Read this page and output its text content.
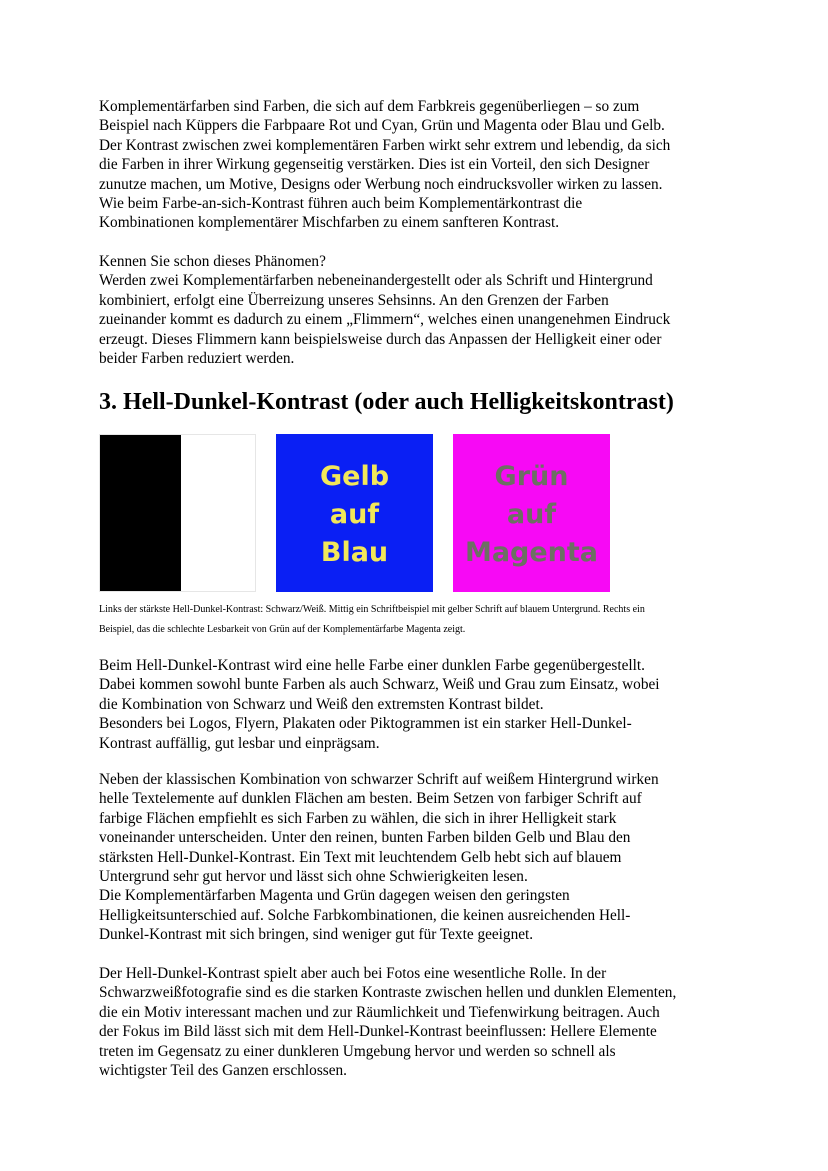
Komplementärfarben sind Farben, die sich auf dem Farbkreis gegenüberliegen – so zum
Beispiel nach Küppers die Farbpaare Rot und Cyan, Grün und Magenta oder Blau und Gelb.
Der Kontrast zwischen zwei komplementären Farben wirkt sehr extrem und lebendig, da sich
die Farben in ihrer Wirkung gegenseitig verstärken. Dies ist ein Vorteil, den sich Designer
zunutze machen, um Motive, Designs oder Werbung noch eindrucksvoller wirken zu lassen.
Wie beim Farbe-an-sich-Kontrast führen auch beim Komplementärkontrast die
Kombinationen komplementärer Mischfarben zu einem sanfteren Kontrast.

Kennen Sie schon dieses Phänomen?
Werden zwei Komplementärfarben nebeneinandergestellt oder als Schrift und Hintergrund
kombiniert, erfolgt eine Überreizung unseres Sehsinns. An den Grenzen der Farben
zueinander kommt es dadurch zu einem „Flimmern“, welches einen unangenehmen Eindruck
erzeugt. Dieses Flimmern kann beispielsweise durch das Anpassen der Helligkeit einer oder
beider Farben reduziert werden.

3. Hell-Dunkel-Kontrast (oder auch Helligkeitskontrast)
Gelb
auf
Blau
Grün
auf
Magenta

Links der stärkste Hell-Dunkel-Kontrast: Schwarz/Weiß. Mittig ein Schriftbeispiel mit gelber Schrift auf blauem Untergrund. Rechts ein
Beispiel, das die schlechte Lesbarkeit von Grün auf der Komplementärfarbe Magenta zeigt.

Beim Hell-Dunkel-Kontrast wird eine helle Farbe einer dunklen Farbe gegenübergestellt.
Dabei kommen sowohl bunte Farben als auch Schwarz, Weiß und Grau zum Einsatz, wobei
die Kombination von Schwarz und Weiß den extremsten Kontrast bildet.
Besonders bei Logos, Flyern, Plakaten oder Piktogrammen ist ein starker Hell-Dunkel-
Kontrast auffällig, gut lesbar und einprägsam.

Neben der klassischen Kombination von schwarzer Schrift auf weißem Hintergrund wirken
helle Textelemente auf dunklen Flächen am besten. Beim Setzen von farbiger Schrift auf
farbige Flächen empfiehlt es sich Farben zu wählen, die sich in ihrer Helligkeit stark
voneinander unterscheiden. Unter den reinen, bunten Farben bilden Gelb und Blau den
stärksten Hell-Dunkel-Kontrast. Ein Text mit leuchtendem Gelb hebt sich auf blauem
Untergrund sehr gut hervor und lässt sich ohne Schwierigkeiten lesen.
Die Komplementärfarben Magenta und Grün dagegen weisen den geringsten
Helligkeitsunterschied auf. Solche Farbkombinationen, die keinen ausreichenden Hell-
Dunkel-Kontrast mit sich bringen, sind weniger gut für Texte geeignet.

Der Hell-Dunkel-Kontrast spielt aber auch bei Fotos eine wesentliche Rolle. In der
Schwarzweißfotografie sind es die starken Kontraste zwischen hellen und dunklen Elementen,
die ein Motiv interessant machen und zur Räumlichkeit und Tiefenwirkung beitragen. Auch
der Fokus im Bild lässt sich mit dem Hell-Dunkel-Kontrast beeinflussen: Hellere Elemente
treten im Gegensatz zu einer dunkleren Umgebung hervor und werden so schnell als
wichtigster Teil des Ganzen erschlossen.
